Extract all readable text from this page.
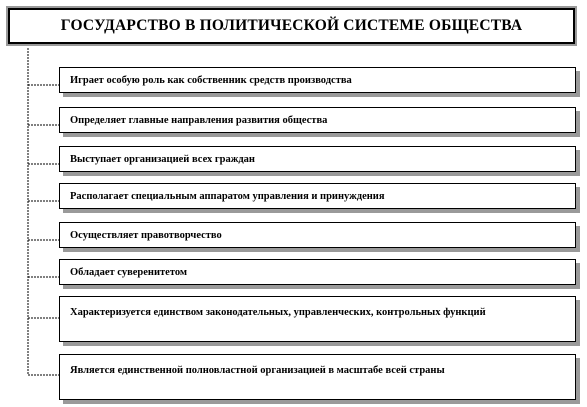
ГОСУДАРСТВО В ПОЛИТИЧЕСКОЙ СИСТЕМЕ ОБЩЕСТВА
Играет особую роль как собственник средств производства
Определяет главные направления развития общества
Выступает организацией всех граждан
Располагает специальным аппаратом управления и принуждения
Осуществляет правотворчество
Обладает суверенитетом
Характеризуется единством законодательных, управленческих, контрольных функций
Является единственной полновластной организацией в масштабе всей страны
